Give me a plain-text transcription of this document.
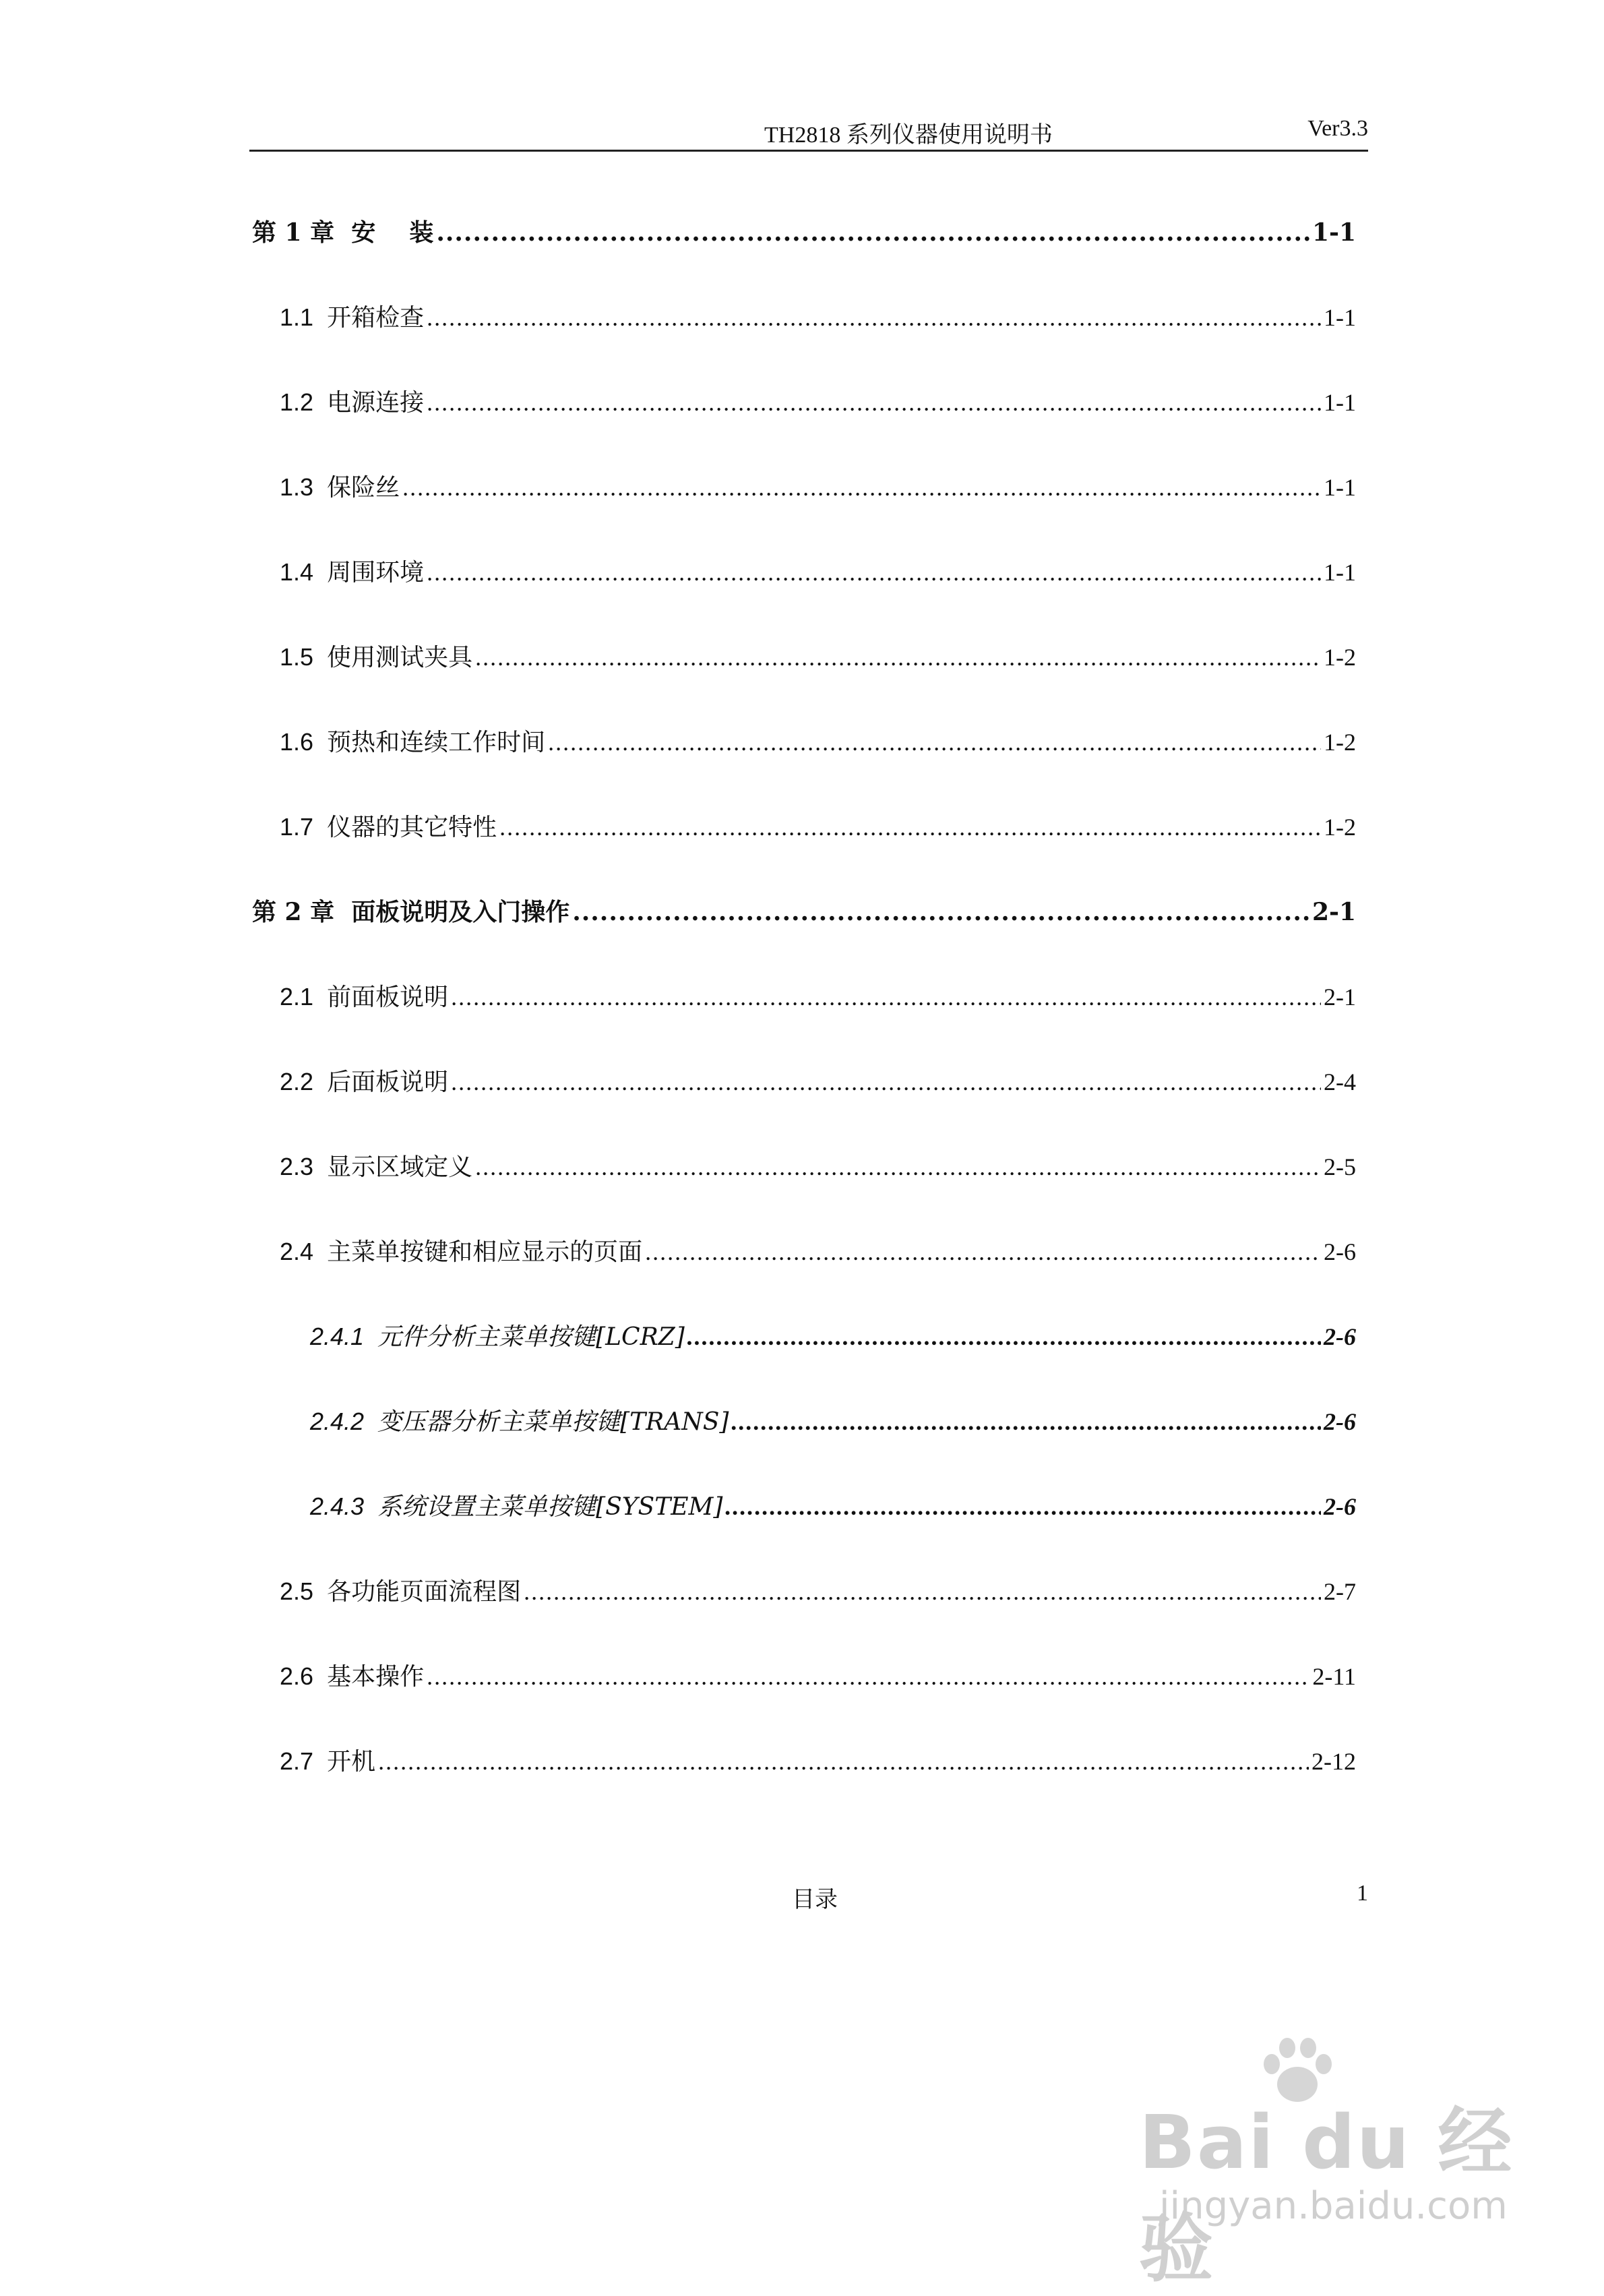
TH2818 系列仪器使用说明书	Ver3.3
第 1 章 安    装 .....	1-1
1.1 开箱检查 .....	1-1
1.2 电源连接 .....	1-1
1.3 保险丝 .....	1-1
1.4 周围环境 .....	1-1
1.5 使用测试夹具 .....	1-2
1.6 预热和连续工作时间 .....	1-2
1.7 仪器的其它特性 .....	1-2
第 2 章 面板说明及入门操作 .....	2-1
2.1 前面板说明 .....	2-1
2.2 后面板说明 .....	2-4
2.3 显示区域定义 .....	2-5
2.4 主菜单按键和相应显示的页面 .....	2-6
2.4.1 元件分析主菜单按键[LCRZ] .....	2-6
2.4.2 变压器分析主菜单按键[TRANS] .....	2-6
2.4.3 系统设置主菜单按键[SYSTEM] .....	2-6
2.5 各功能页面流程图 .....	2-7
2.6 基本操作 .....	2-11
2.7 开机 .....	2-12
目录	1
Bai du 经验
jingyan.baidu.com
